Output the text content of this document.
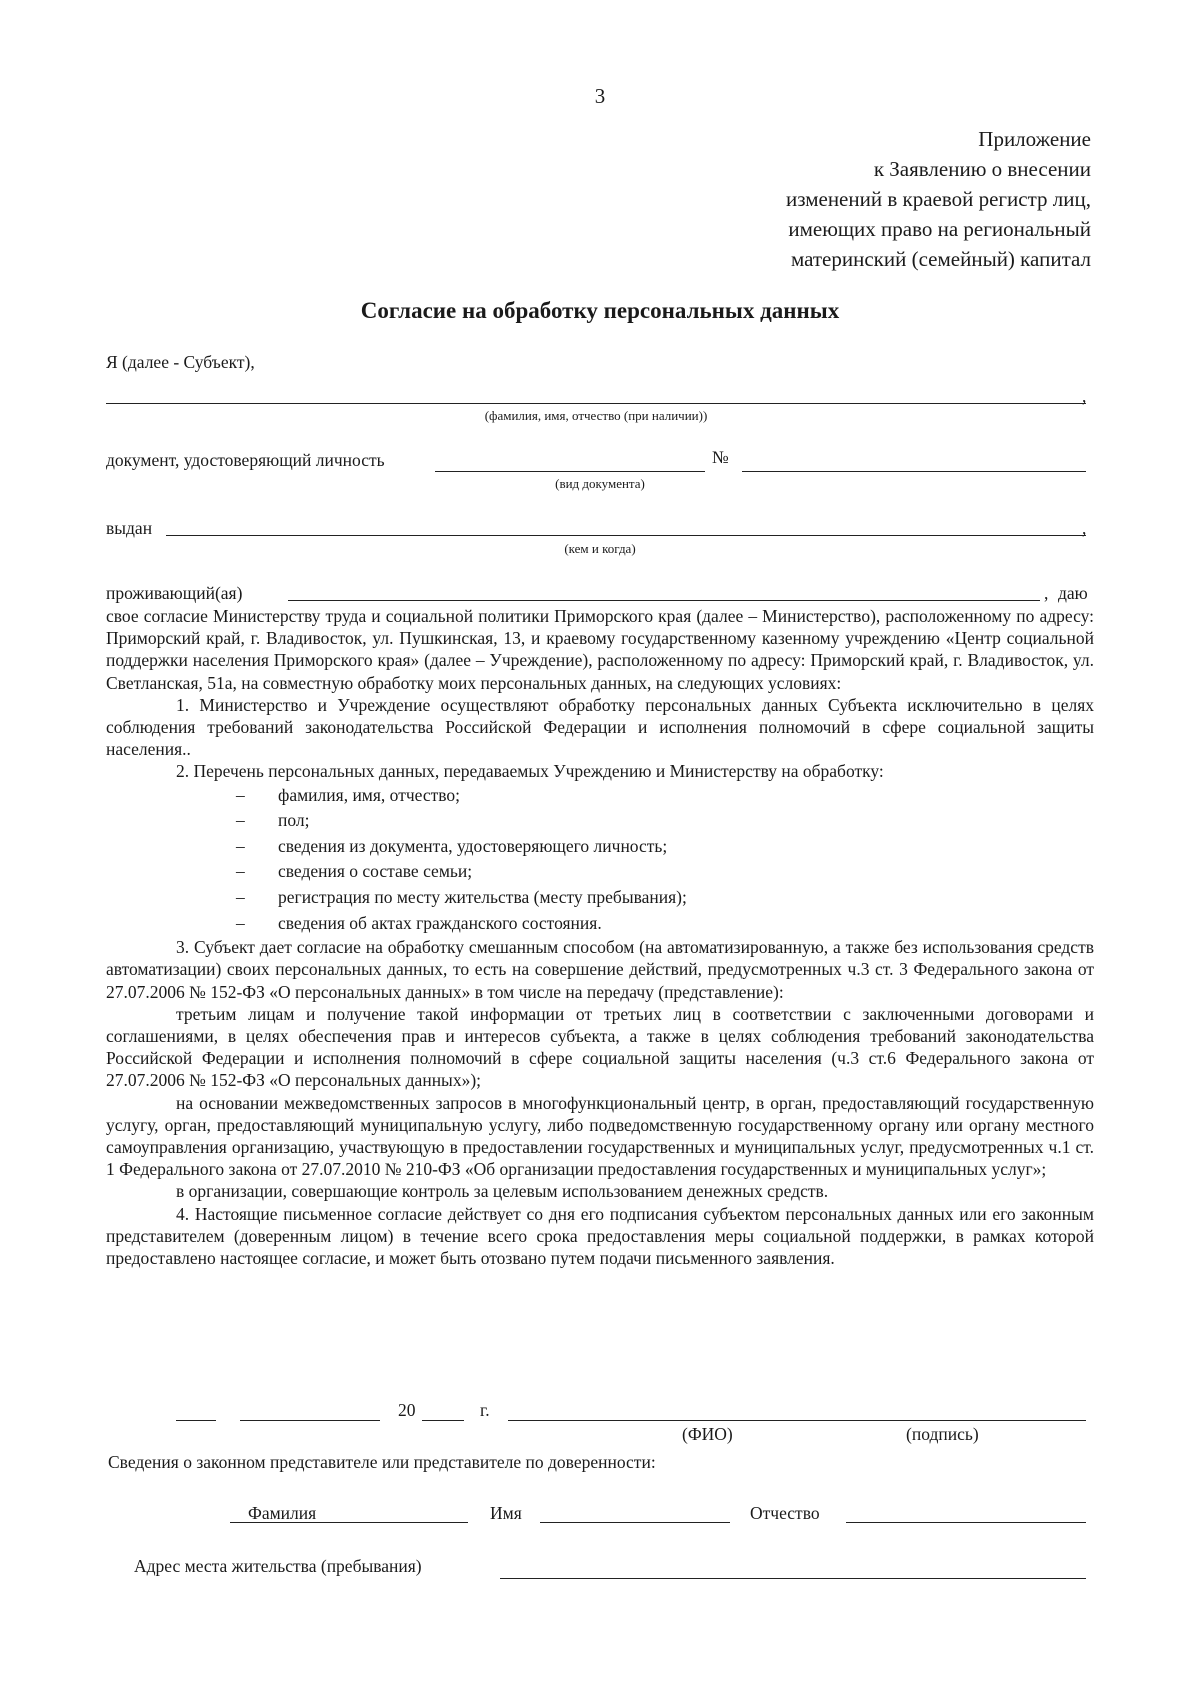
3
Приложение
к Заявлению о внесении
изменений в краевой регистр лиц,
имеющих право на региональный
материнский (семейный) капитал
Согласие на обработку персональных данных
Я (далее - Субъект),
,
(фамилия, имя, отчество (при наличии))
документ, удостоверяющий личность	№
(вид документа)
выдан	,
(кем и когда)
проживающий(ая)	, даю

свое согласие Министерству труда и социальной политики Приморского края (далее – Министерство), расположенному по адресу: Приморский край, г. Владивосток, ул. Пушкинская, 13, и краевому государственному казенному учреждению «Центр социальной поддержки населения Приморского края» (далее – Учреждение), расположенному по адресу: Приморский край, г. Владивосток, ул. Светланская, 51а, на совместную обработку моих персональных данных, на следующих условиях:

1. Министерство и Учреждение осуществляют обработку персональных данных Субъекта исключительно в целях соблюдения требований законодательства Российской Федерации и исполнения полномочий в сфере социальной защиты населения..

2. Перечень персональных данных, передаваемых Учреждению и Министерству на обработку:

–	фамилия, имя, отчество;
–	пол;
–	сведения из документа, удостоверяющего личность;
–	сведения о составе семьи;
–	регистрация по месту жительства (месту пребывания);
–	сведения об актах гражданского состояния.

3. Субъект дает согласие на обработку смешанным способом (на автоматизированную, а также без использования средств автоматизации) своих персональных данных, то есть на совершение действий, предусмотренных ч.3 ст. 3 Федерального закона от 27.07.2006 № 152-ФЗ «О персональных данных» в том числе на передачу (представление):

третьим лицам и получение такой информации от третьих лиц в соответствии с заключенными договорами и соглашениями, в целях обеспечения прав и интересов субъекта, а также в целях соблюдения требований законодательства Российской Федерации и исполнения полномочий в сфере социальной защиты населения (ч.3 ст.6 Федерального закона от 27.07.2006 № 152-ФЗ «О персональных данных»);

на основании межведомственных запросов в многофункциональный центр, в орган, предоставляющий государственную услугу, орган, предоставляющий муниципальную услугу, либо подведомственную государственному органу или органу местного самоуправления организацию, участвующую в предоставлении государственных и муниципальных услуг, предусмотренных ч.1 ст. 1 Федерального закона от 27.07.2010 № 210-ФЗ «Об организации предоставления государственных и муниципальных услуг»;

в организации, совершающие контроль за целевым использованием денежных средств.

4. Настоящие письменное согласие действует со дня его подписания субъектом персональных данных или его законным представителем (доверенным лицом) в течение всего срока предоставления меры социальной поддержки, в рамках которой предоставлено настоящее согласие, и может быть отозвано путем подачи письменного заявления.

20	г.
(ФИО)	(подпись)
Сведения о законном представителе или представителе по доверенности:
Фамилия	Имя	Отчество
Адрес места жительства (пребывания)
